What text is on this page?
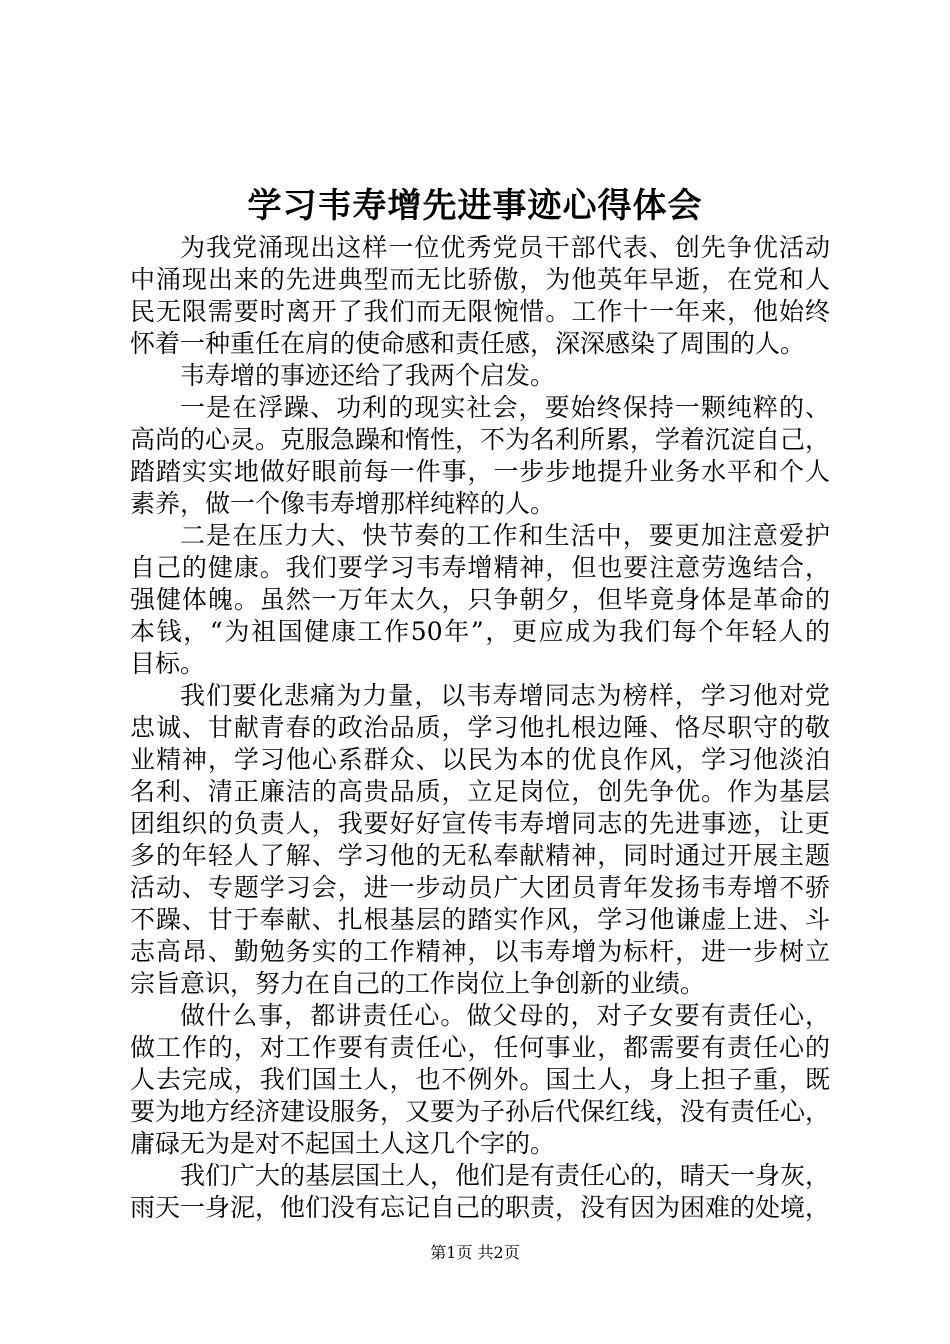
学习韦寿增先进事迹心得体会
为我党涌现出这样一位优秀党员干部代表、创先争优活动
中涌现出来的先进典型而无比骄傲，为他英年早逝，在党和人
民无限需要时离开了我们而无限惋惜。工作十一年来，他始终
怀着一种重任在肩的使命感和责任感，深深感染了周围的人。
韦寿增的事迹还给了我两个启发。
一是在浮躁、功利的现实社会，要始终保持一颗纯粹的、
高尚的心灵。克服急躁和惰性，不为名利所累，学着沉淀自己，
踏踏实实地做好眼前每一件事，一步步地提升业务水平和个人
素养，做一个像韦寿增那样纯粹的人。
二是在压力大、快节奏的工作和生活中，要更加注意爱护
自己的健康。我们要学习韦寿增精神，但也要注意劳逸结合，
强健体魄。虽然一万年太久，只争朝夕，但毕竟身体是革命的
本钱，“为祖国健康工作50年”，更应成为我们每个年轻人的
目标。
我们要化悲痛为力量，以韦寿增同志为榜样，学习他对党
忠诚、甘献青春的政治品质，学习他扎根边陲、恪尽职守的敬
业精神，学习他心系群众、以民为本的优良作风，学习他淡泊
名利、清正廉洁的高贵品质，立足岗位，创先争优。作为基层
团组织的负责人，我要好好宣传韦寿增同志的先进事迹，让更
多的年轻人了解、学习他的无私奉献精神，同时通过开展主题
活动、专题学习会，进一步动员广大团员青年发扬韦寿增不骄
不躁、甘于奉献、扎根基层的踏实作风，学习他谦虚上进、斗
志高昂、勤勉务实的工作精神，以韦寿增为标杆，进一步树立
宗旨意识，努力在自己的工作岗位上争创新的业绩。
做什么事，都讲责任心。做父母的，对子女要有责任心，
做工作的，对工作要有责任心，任何事业，都需要有责任心的
人去完成，我们国土人，也不例外。国土人，身上担子重，既
要为地方经济建设服务，又要为子孙后代保红线，没有责任心，
庸碌无为是对不起国土人这几个字的。
我们广大的基层国土人，他们是有责任心的，晴天一身灰，
雨天一身泥，他们没有忘记自己的职责，没有因为困难的处境，
第1页 共2页
